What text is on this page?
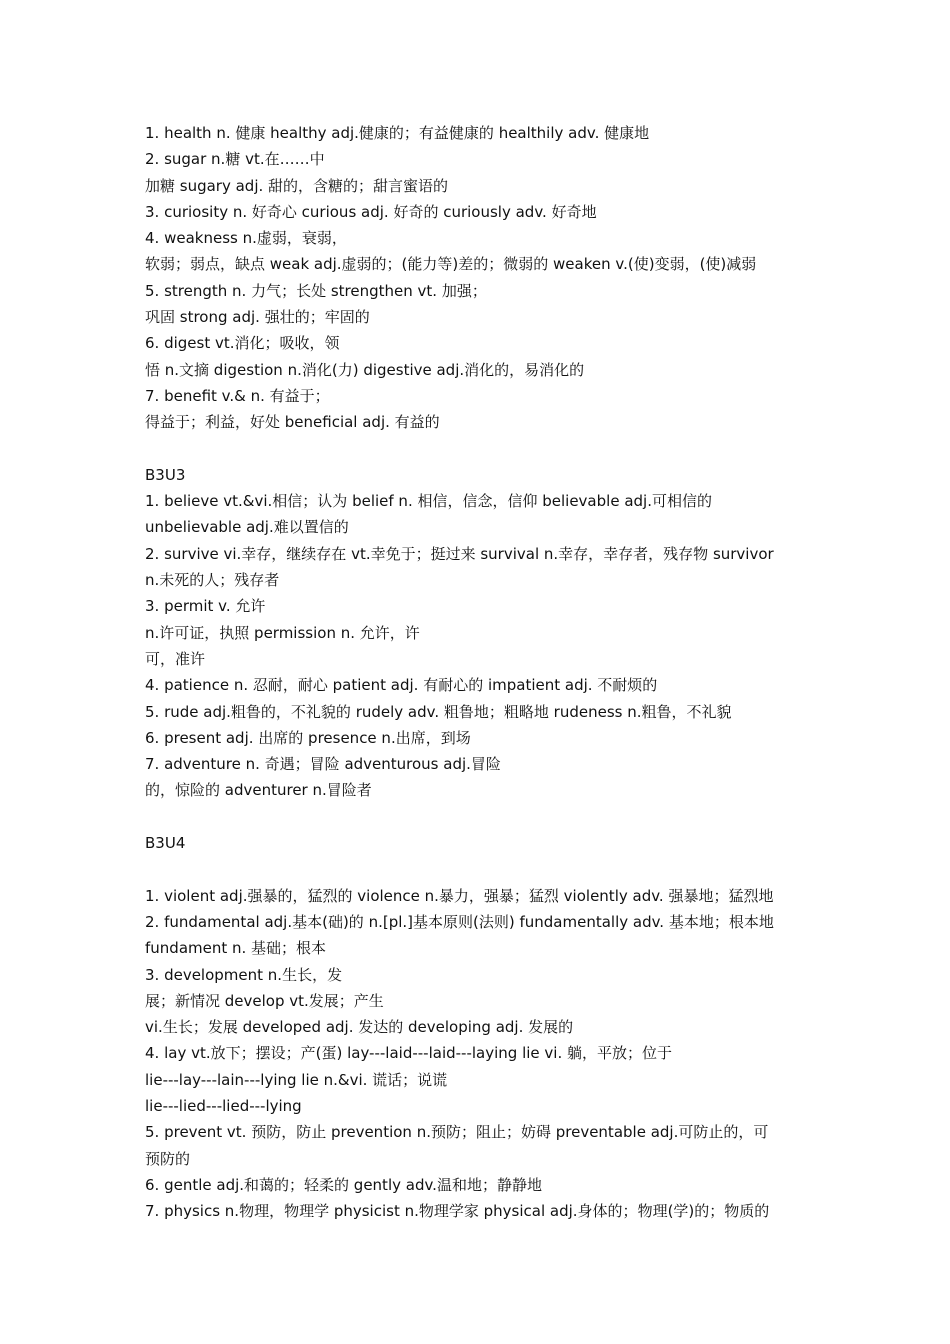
1. health n. 健康 healthy adj.健康的；有益健康的 healthily adv. 健康地
2. sugar n.糖 vt.在……中
加糖 sugary adj. 甜的，含糖的；甜言蜜语的
3. curiosity n. 好奇心 curious adj. 好奇的 curiously adv. 好奇地
4. weakness n.虚弱，衰弱，
软弱；弱点，缺点 weak adj.虚弱的；(能力等)差的；微弱的 weaken v.(使)变弱，(使)减弱
5. strength n. 力气；长处 strengthen vt. 加强；
巩固 strong adj. 强壮的；牢固的
6. digest vt.消化；吸收，领
悟 n.文摘 digestion n.消化(力) digestive adj.消化的，易消化的
7. benefit v.& n. 有益于；
得益于；利益，好处 beneficial adj. 有益的
B3U3
1. believe vt.&vi.相信；认为 belief n. 相信，信念，信仰 believable adj.可相信的
unbelievable adj.难以置信的
2. survive vi.幸存，继续存在 vt.幸免于；挺过来 survival n.幸存，幸存者，残存物 survivor
n.未死的人；残存者
3. permit v. 允许
n.许可证，执照 permission n. 允许，许
可，准许
4. patience n. 忍耐，耐心 patient adj. 有耐心的 impatient adj. 不耐烦的
5. rude adj.粗鲁的，不礼貌的 rudely adv. 粗鲁地；粗略地 rudeness n.粗鲁，不礼貌
6. present adj. 出席的 presence n.出席，到场
7. adventure n. 奇遇；冒险 adventurous adj.冒险
的，惊险的 adventurer n.冒险者
B3U4
1. violent adj.强暴的，猛烈的 violence n.暴力，强暴；猛烈 violently adv. 强暴地；猛烈地
2. fundamental adj.基本(础)的 n.[pl.]基本原则(法则) fundamentally adv. 基本地；根本地
fundament n. 基础；根本
3. development n.生长，发
展；新情况 develop vt.发展；产生
vi.生长；发展 developed adj. 发达的 developing adj. 发展的
4. lay vt.放下；摆设；产(蛋) lay---laid---laid---laying lie vi. 躺，平放；位于
lie---lay---lain---lying lie n.&vi. 谎话；说谎
lie---lied---lied---lying
5. prevent vt. 预防，防止 prevention n.预防；阻止；妨碍 preventable adj.可防止的，可
预防的
6. gentle adj.和蔼的；轻柔的 gently adv.温和地；静静地
7. physics n.物理，物理学 physicist n.物理学家 physical adj.身体的；物理(学)的；物质的
